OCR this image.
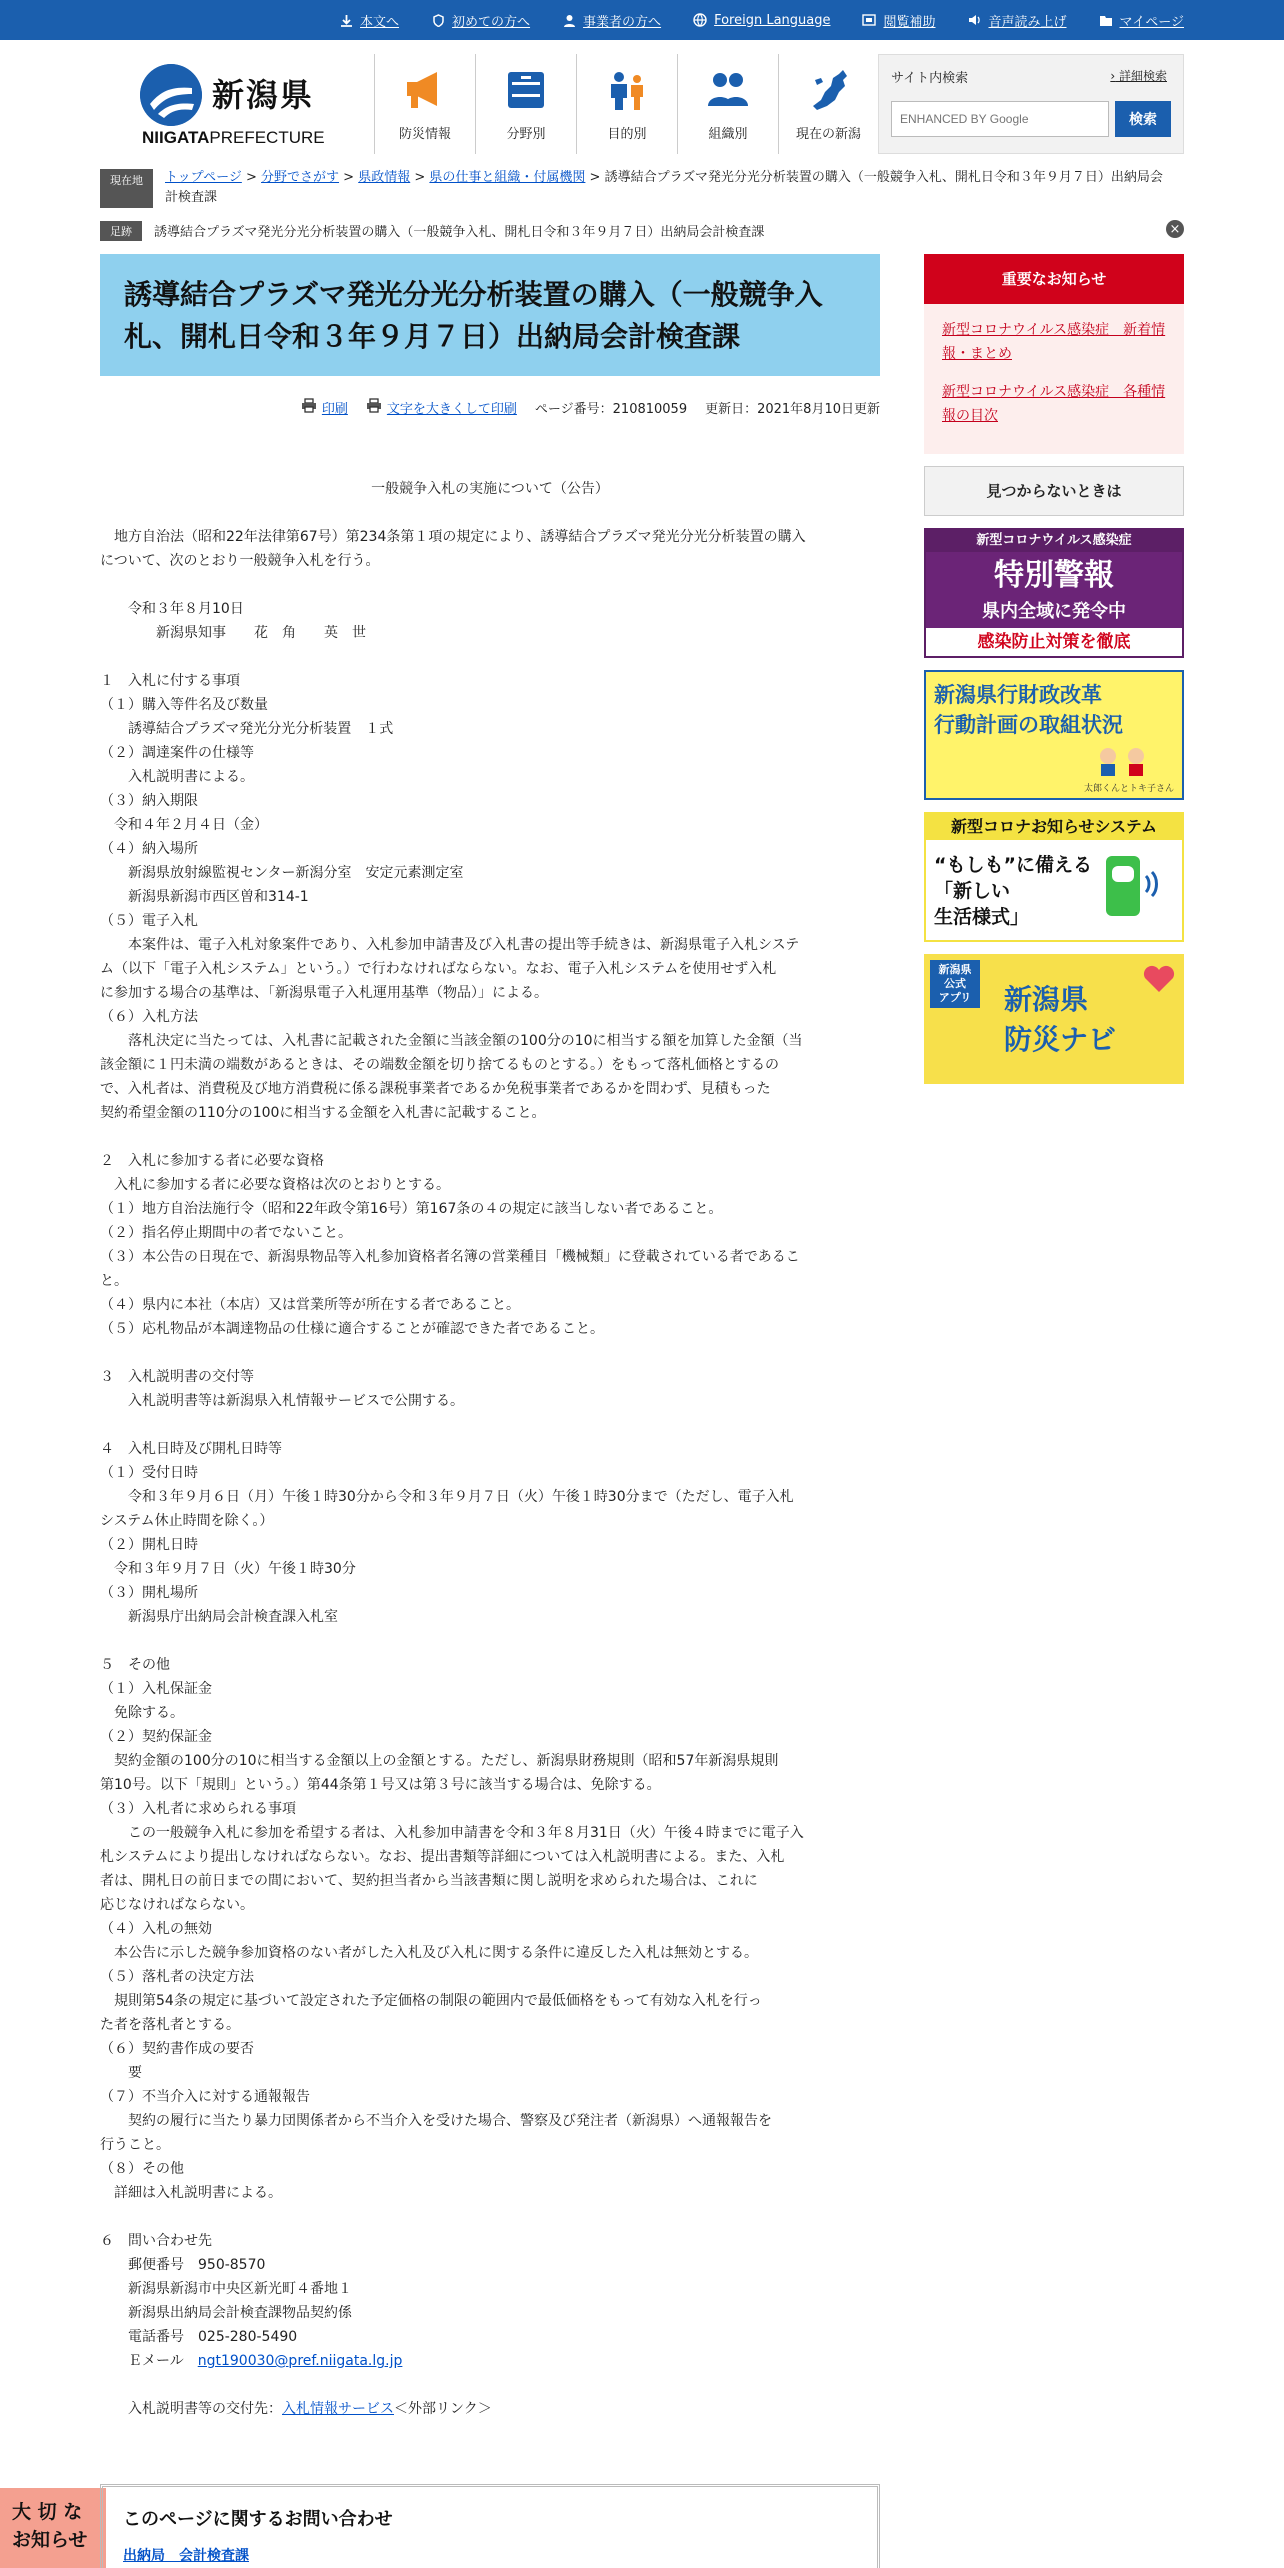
本文へ	初めての方へ	事業者の方へ	Foreign Language	閲覧補助	音声読み上げ	マイページ
新潟県
NIIGATAPREFECTURE	防災情報	分野別	目的別	組織別	現在の新潟
サイト内検索	› 詳細検索
ENHANCED BY Google
検索
現在地	トップページ > 分野でさがす > 県政情報 > 県の仕事と組織・付属機関 > 誘導結合プラズマ発光分光分析装置の購入（一般競争入札、開札日令和３年９月７日）出納局会計検査課
足跡	誘導結合プラズマ発光分光分析装置の購入（一般競争入札、開札日令和３年９月７日）出納局会計検査課	×
誘導結合プラズマ発光分光分析装置の購入（一般競争入札、開札日令和３年９月７日）出納局会計検査課
印刷	文字を大きくして印刷 ページ番号：210810059 更新日：2021年8月10日更新

一般競争入札の実施について（公告）

　地方自治法（昭和22年法律第67号）第234条第１項の規定により、誘導結合プラズマ発光分光分析装置の購入
について、次のとおり一般競争入札を行う。

　　令和３年８月10日
　　　　新潟県知事　　花　角　　英　世

１　入札に付する事項
（１）購入等件名及び数量
　　誘導結合プラズマ発光分光分析装置　１式
（２）調達案件の仕様等
　　入札説明書による。
（３）納入期限
　令和４年２月４日（金）
（４）納入場所
　　新潟県放射線監視センター新潟分室　安定元素測定室
　　新潟県新潟市西区曽和314-1
（５）電子入札
　　本案件は、電子入札対象案件であり、入札参加申請書及び入札書の提出等手続きは、新潟県電子入札システ
ム（以下「電子入札システム」という。）で行わなければならない。なお、電子入札システムを使用せず入札
に参加する場合の基準は、「新潟県電子入札運用基準（物品）」による。
（６）入札方法
　　落札決定に当たっては、入札書に記載された金額に当該金額の100分の10に相当する額を加算した金額（当
該金額に１円未満の端数があるときは、その端数金額を切り捨てるものとする。）をもって落札価格とするの
で、入札者は、消費税及び地方消費税に係る課税事業者であるか免税事業者であるかを問わず、見積もった
契約希望金額の110分の100に相当する金額を入札書に記載すること。

２　入札に参加する者に必要な資格
　入札に参加する者に必要な資格は次のとおりとする。
（１）地方自治法施行令（昭和22年政令第16号）第167条の４の規定に該当しない者であること。
（２）指名停止期間中の者でないこと。
（３）本公告の日現在で、新潟県物品等入札参加資格者名簿の営業種目「機械類」に登載されている者であるこ
と。
（４）県内に本社（本店）又は営業所等が所在する者であること。
（５）応札物品が本調達物品の仕様に適合することが確認できた者であること。

３　入札説明書の交付等
　　入札説明書等は新潟県入札情報サービスで公開する。

４　入札日時及び開札日時等
（１）受付日時
　　令和３年９月６日（月）午後１時30分から令和３年９月７日（火）午後１時30分まで（ただし、電子入札
システム休止時間を除く。）
（２）開札日時
　令和３年９月７日（火）午後１時30分
（３）開札場所
　　新潟県庁出納局会計検査課入札室

５　その他
（１）入札保証金
　免除する。
（２）契約保証金
　契約金額の100分の10に相当する金額以上の金額とする。ただし、新潟県財務規則（昭和57年新潟県規則
第10号。以下「規則」という。）第44条第１号又は第３号に該当する場合は、免除する。
（３）入札者に求められる事項
　　この一般競争入札に参加を希望する者は、入札参加申請書を令和３年８月31日（火）午後４時までに電子入
札システムにより提出しなければならない。なお、提出書類等詳細については入札説明書による。また、入札
者は、開札日の前日までの間において、契約担当者から当該書類に関し説明を求められた場合は、これに
応じなければならない。
（４）入札の無効
　本公告に示した競争参加資格のない者がした入札及び入札に関する条件に違反した入札は無効とする。
（５）落札者の決定方法
　規則第54条の規定に基づいて設定された予定価格の制限の範囲内で最低価格をもって有効な入札を行っ
た者を落札者とする。
（６）契約書作成の要否
　　要
（７）不当介入に対する通報報告
　　契約の履行に当たり暴力団関係者から不当介入を受けた場合、警察及び発注者（新潟県）へ通報報告を
行うこと。
（８）その他
　詳細は入札説明書による。

６　問い合わせ先
　　郵便番号　950-8570
　　新潟県新潟市中央区新光町４番地１
　　新潟県出納局会計検査課物品契約係
　　電話番号　025-280-5490

　　Ｅメール　ngt190030@pref.niigata.lg.jp

　　入札説明書等の交付先：入札情報サービス＜外部リンク＞

重要なお知らせ
新型コロナウイルス感染症　新着情報・まとめ
新型コロナウイルス感染症　各種情報の目次
見つからないときは
新型コロナウイルス感染症
特別警報
県内全域に発令中
感染防止対策を徹底
新潟県行財政改革
行動計画の取組状況
太郎くんとトキ子さん
新型コロナお知らせシステム
“もしも”に備える
「新しい
生活様式」
新潟県
公式
アプリ	新潟県
防災ナビ
大 切 な
お知らせ
このページに関するお問い合わせ
出納局　会計検査課
